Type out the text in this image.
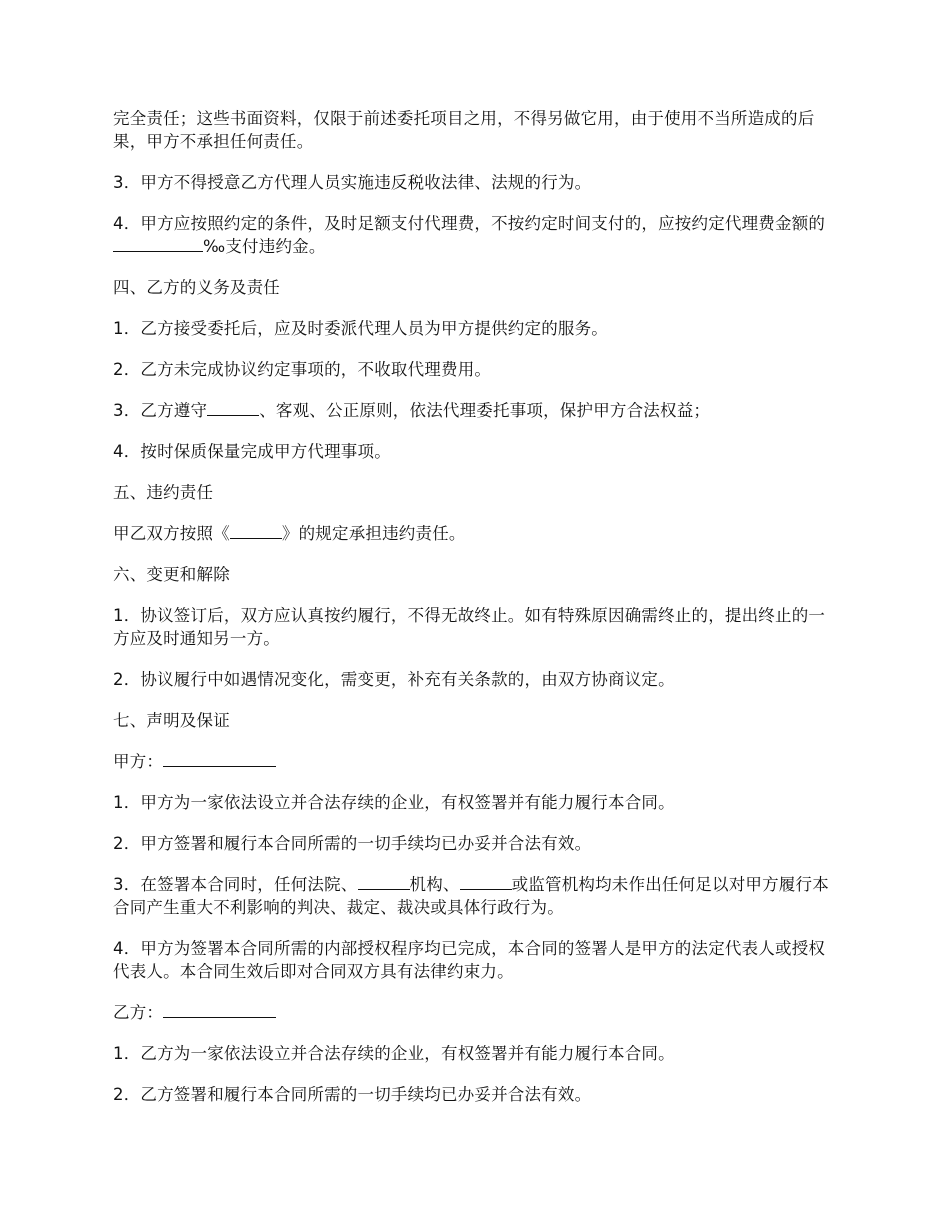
完全责任；这些书面资料，仅限于前述委托项目之用，不得另做它用，由于使用不当所造成的后果，甲方不承担任何责任。

3．甲方不得授意乙方代理人员实施违反税收法律、法规的行为。

4．甲方应按照约定的条件，及时足额支付代理费，不按约定时间支付的，应按约定代理费金额的‰支付违约金。

四、乙方的义务及责任

1．乙方接受委托后，应及时委派代理人员为甲方提供约定的服务。

2．乙方未完成协议约定事项的，不收取代理费用。

3．乙方遵守	、客观、公正原则，依法代理委托事项，保护甲方合法权益；

4．按时保质保量完成甲方代理事项。

五、违约责任

甲乙双方按照《	》的规定承担违约责任。

六、变更和解除

1．协议签订后，双方应认真按约履行，不得无故终止。如有特殊原因确需终止的，提出终止的一方应及时通知另一方。

2．协议履行中如遇情况变化，需变更，补充有关条款的，由双方协商议定。

七、声明及保证

甲方：

1．甲方为一家依法设立并合法存续的企业，有权签署并有能力履行本合同。

2．甲方签署和履行本合同所需的一切手续均已办妥并合法有效。

3．在签署本合同时，任何法院、	机构、	或监管机构均未作出任何足以对甲方履行本合同产生重大不利影响的判决、裁定、裁决或具体行政行为。

4．甲方为签署本合同所需的内部授权程序均已完成，本合同的签署人是甲方的法定代表人或授权代表人。本合同生效后即对合同双方具有法律约束力。

乙方：

1．乙方为一家依法设立并合法存续的企业，有权签署并有能力履行本合同。

2．乙方签署和履行本合同所需的一切手续均已办妥并合法有效。
